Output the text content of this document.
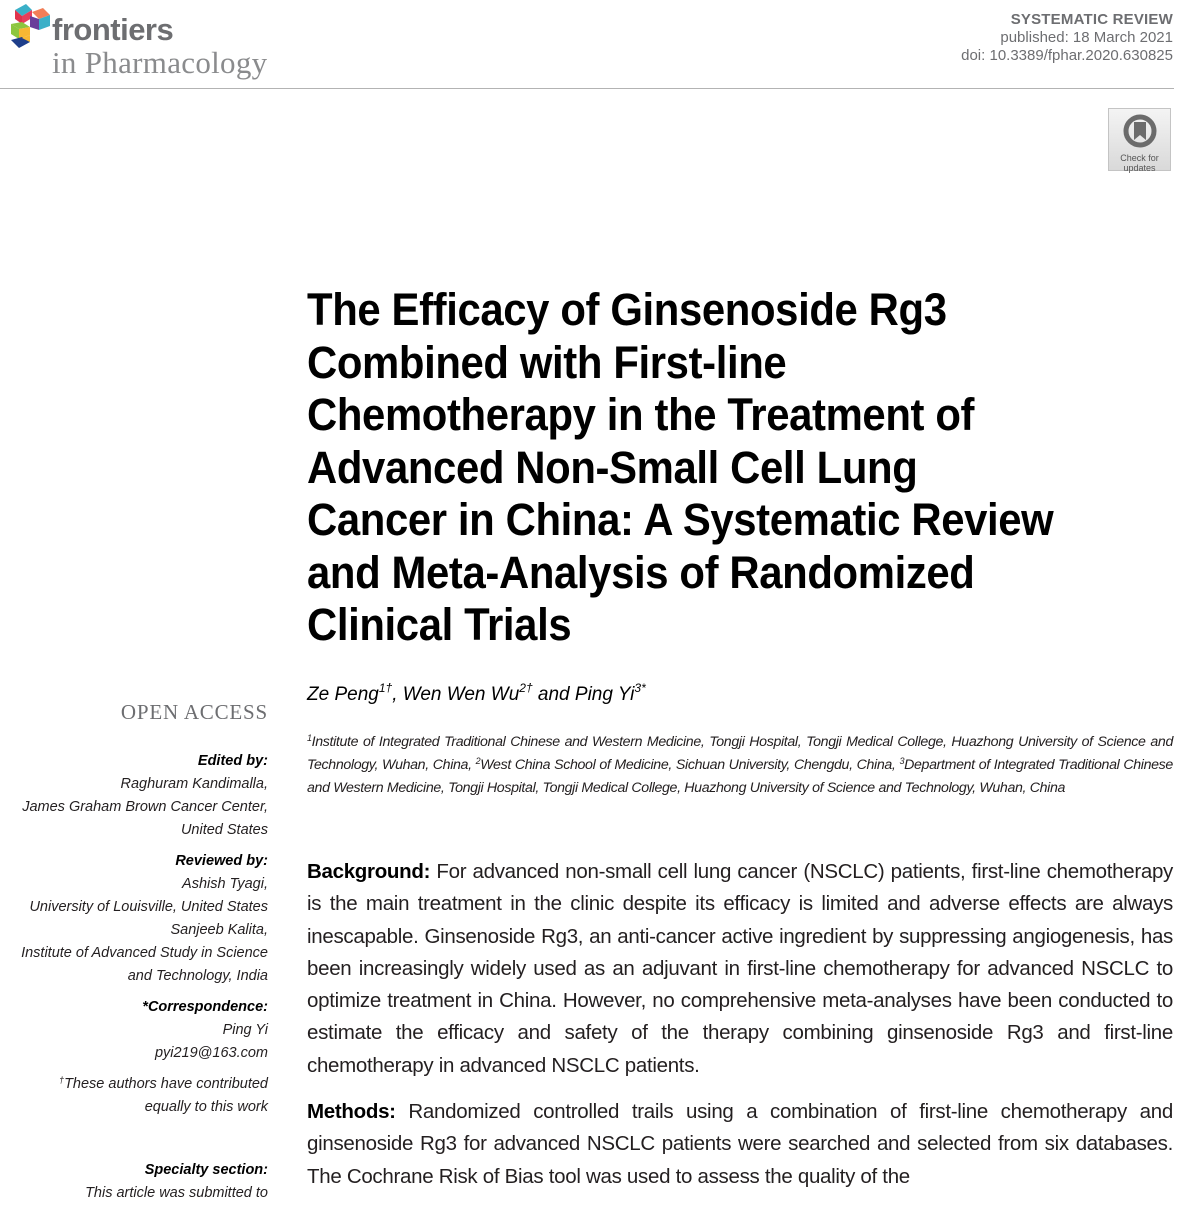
frontiers
in Pharmacology
SYSTEMATIC REVIEW
published: 18 March 2021
doi: 10.3389/fphar.2020.630825
Check for
updates
The Efficacy of Ginsenoside Rg3
Combined with First-line
Chemotherapy in the Treatment of
Advanced Non-Small Cell Lung
Cancer in China: A Systematic Review
and Meta-Analysis of Randomized
Clinical Trials
Ze Peng$^{1\dagger}$, Wen Wen $Wu^{2\dagger}$ and Ping $Yi^{3*}$
$^1$Institute of Integrated Traditional Chinese and Western Medicine, Tongji Hospital, Tongji Medical College, Huazhong University of Science and Technology, Wuhan, China, $^2$West China School of Medicine, Sichuan University, Chengdu, China, $^3$Department of Integrated Traditional Chinese and Western Medicine, Tongji Hospital, Tongji Medical College, Huazhong University of Science and Technology, Wuhan, China

Background: For advanced non-small cell lung cancer (NSCLC) patients, first-line chemotherapy is the main treatment in the clinic despite its efficacy is limited and adverse effects are always inescapable. Ginsenoside Rg3, an anti-cancer active ingredient by suppressing angiogenesis, has been increasingly widely used as an adjuvant in first-line chemotherapy for advanced NSCLC to optimize treatment in China. However, no comprehensive meta-analyses have been conducted to estimate the efficacy and safety of the therapy combining ginsenoside Rg3 and first-line chemotherapy in advanced NSCLC patients.

Methods: Randomized controlled trails using a combination of first-line chemotherapy and ginsenoside Rg3 for advanced NSCLC patients were searched and selected from six databases. The Cochrane Risk of Bias tool was used to assess the quality of the

OPEN ACCESS
Edited by:
Raghuram Kandimalla,
James Graham Brown Cancer Center,
United States
Reviewed by:
Ashish Tyagi,
University of Louisville, United States
Sanjeeb Kalita,
Institute of Advanced Study in Science
and Technology, India
*Correspondence:
Ping Yi
pyi219@163.com
†These authors have contributed
equally to this work
Specialty section:
This article was submitted to
